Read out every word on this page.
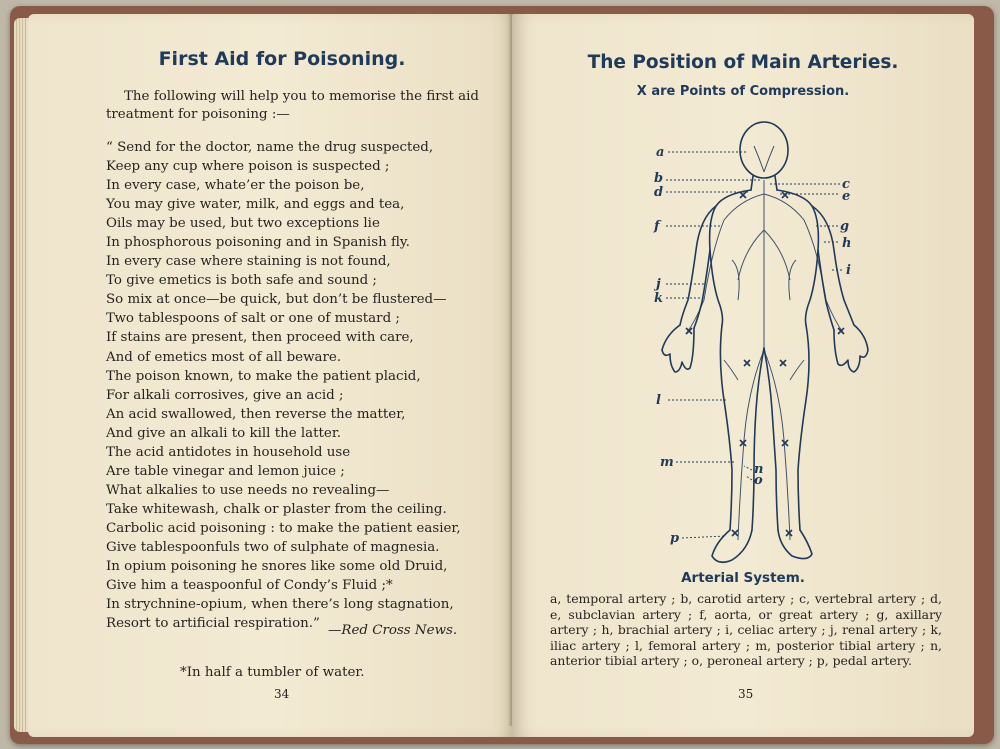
First Aid for Poisoning.

The following will help you to memorise the first aid treatment for poisoning :—

“ Send for the doctor, name the drug suspected,
Keep any cup where poison is suspected ;
In every case, whate’er the poison be,
You may give water, milk, and eggs and tea,
Oils may be used, but two exceptions lie
In phosphorous poisoning and in Spanish fly.
In every case where staining is not found,
To give emetics is both safe and sound ;
So mix at once—be quick, but don’t be flustered—
Two tablespoons of salt or one of mustard ;
If stains are present, then proceed with care,
And of emetics most of all beware.
The poison known, to make the patient placid,
For alkali corrosives, give an acid ;
An acid swallowed, then reverse the matter,
And give an alkali to kill the latter.
The acid antidotes in household use
Are table vinegar and lemon juice ;
What alkalies to use needs no revealing—
Take whitewash, chalk or plaster from the ceiling.
Carbolic acid poisoning : to make the patient easier,
Give tablespoonfuls two of sulphate of magnesia.
In opium poisoning he snores like some old Druid,
Give him a teaspoonful of Condy’s Fluid ;*
In strychnine-opium, when there’s long stagnation,
Resort to artificial respiration.” —Red Cross News.
*In half a tumbler of water.
34
The Position of Main Arteries.
X are Points of Compression.
a
b
d
c
e
f	g
h
i
j
k
l
m	n
o
p
Arterial System.

a, temporal artery ; b, carotid artery ; c, vertebral artery ; d, e, subclavian artery ; f, aorta, or great artery ; g, axillary artery ; h, brachial artery ; i, celiac artery ; j, renal artery ; k, iliac artery ; l, femoral artery ; m, posterior tibial artery ; n, anterior tibial artery ; o, peroneal artery ; p, pedal artery.

35
